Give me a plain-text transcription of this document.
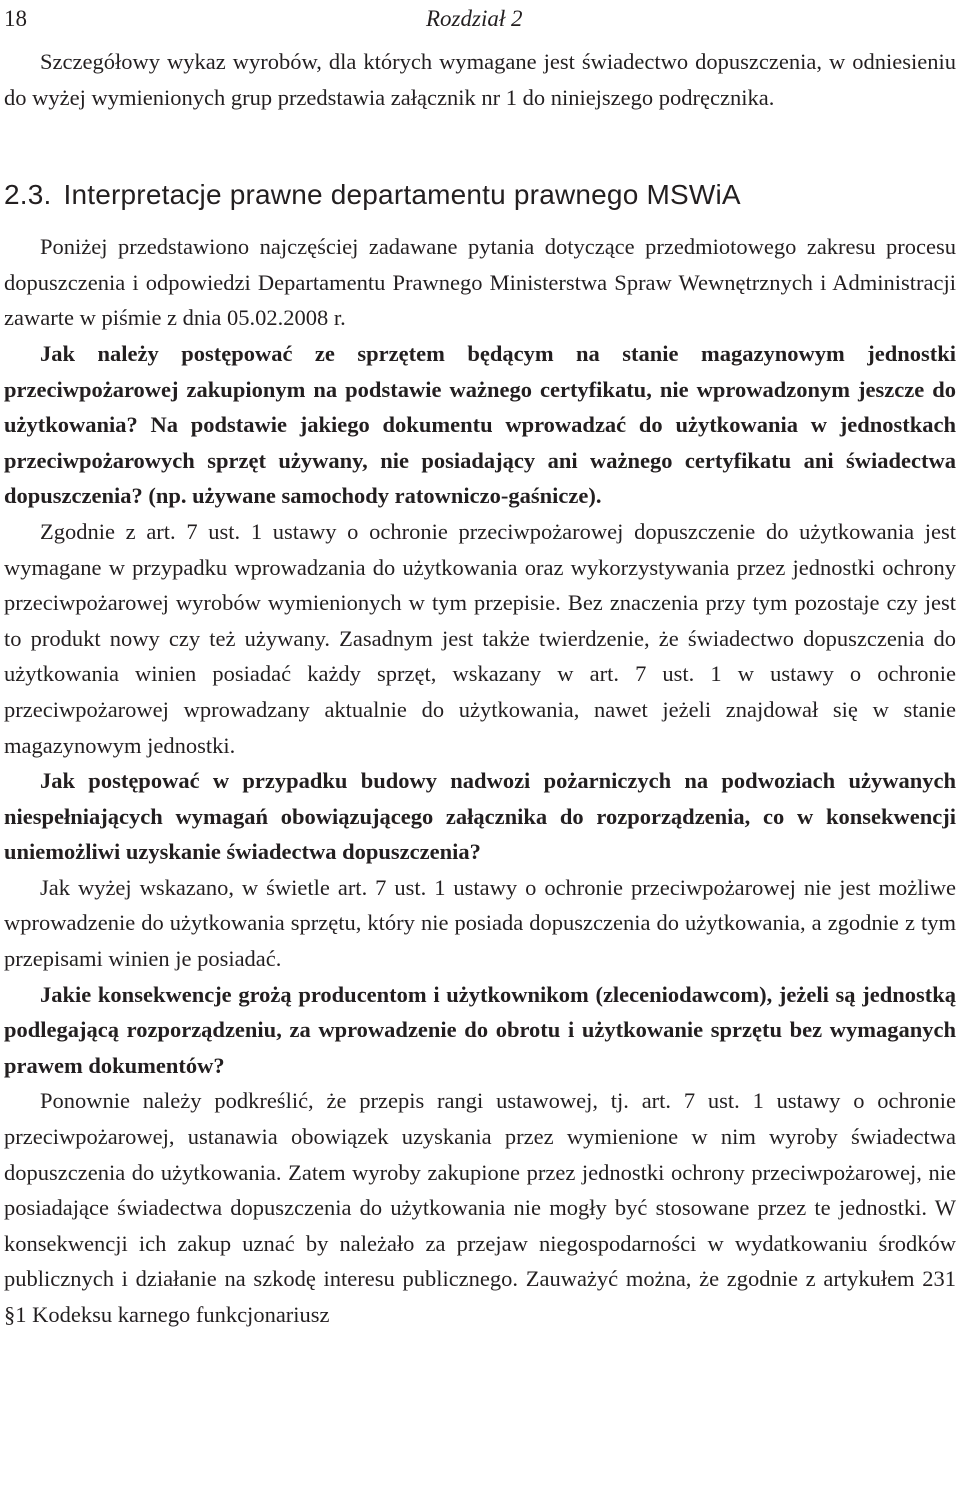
18	Rozdział 2

Szczegółowy wykaz wyrobów, dla których wymagane jest świadectwo dopuszczenia, w odniesieniu do wyżej wymienionych grup przedstawia załącznik nr 1 do niniejszego podręcznika.

2.3. Interpretacje prawne departamentu prawnego MSWiA

Poniżej przedstawiono najczęściej zadawane pytania dotyczące przedmiotowego zakresu procesu dopuszczenia i odpowiedzi Departamentu Prawnego Ministerstwa Spraw Wewnętrznych i Administracji zawarte w piśmie z dnia 05.02.2008 r.

Jak należy postępować ze sprzętem będącym na stanie magazynowym jednostki przeciwpożarowej zakupionym na podstawie ważnego certyfikatu, nie wprowadzonym jeszcze do użytkowania? Na podstawie jakiego dokumentu wprowadzać do użytkowania w jednostkach przeciwpożarowych sprzęt używany, nie posiadający ani ważnego certyfikatu ani świadectwa dopuszczenia? (np. używane samochody ratowniczo-gaśnicze).

Zgodnie z art. 7 ust. 1 ustawy o ochronie przeciwpożarowej dopuszczenie do użytkowania jest wymagane w przypadku wprowadzania do użytkowania oraz wykorzystywania przez jednostki ochrony przeciwpożarowej wyrobów wymienionych w tym przepisie. Bez znaczenia przy tym pozostaje czy jest to produkt nowy czy też używany. Zasadnym jest także twierdzenie, że świadectwo dopuszczenia do użytkowania winien posiadać każdy sprzęt, wskazany w art. 7 ust. 1 w ustawy o ochronie przeciwpożarowej wprowadzany aktualnie do użytkowania, nawet jeżeli znajdował się w stanie magazynowym jednostki.

Jak postępować w przypadku budowy nadwozi pożarniczych na podwoziach używanych niespełniających wymagań obowiązującego załącznika do rozporządzenia, co w konsekwencji uniemożliwi uzyskanie świadectwa dopuszczenia?

Jak wyżej wskazano, w świetle art. 7 ust. 1 ustawy o ochronie przeciwpożarowej nie jest możliwe wprowadzenie do użytkowania sprzętu, który nie posiada dopuszczenia do użytkowania, a zgodnie z tym przepisami winien je posiadać.

Jakie konsekwencje grożą producentom i użytkownikom (zleceniodawcom), jeżeli są jednostką podlegającą rozporządzeniu, za wprowadzenie do obrotu i użytkowanie sprzętu bez wymaganych prawem dokumentów?

Ponownie należy podkreślić, że przepis rangi ustawowej, tj. art. 7 ust. 1 ustawy o ochronie przeciwpożarowej, ustanawia obowiązek uzyskania przez wymienione w nim wyroby świadectwa dopuszczenia do użytkowania. Zatem wyroby zakupione przez jednostki ochrony przeciwpożarowej, nie posiadające świadectwa dopuszczenia do użytkowania nie mogły być stosowane przez te jednostki. W konsekwencji ich zakup uznać by należało za przejaw niegospodarności w wydatkowaniu środków publicznych i działanie na szkodę interesu publicznego. Zauważyć można, że zgodnie z artykułem 231 §1 Kodeksu karnego funkcjonariusz
